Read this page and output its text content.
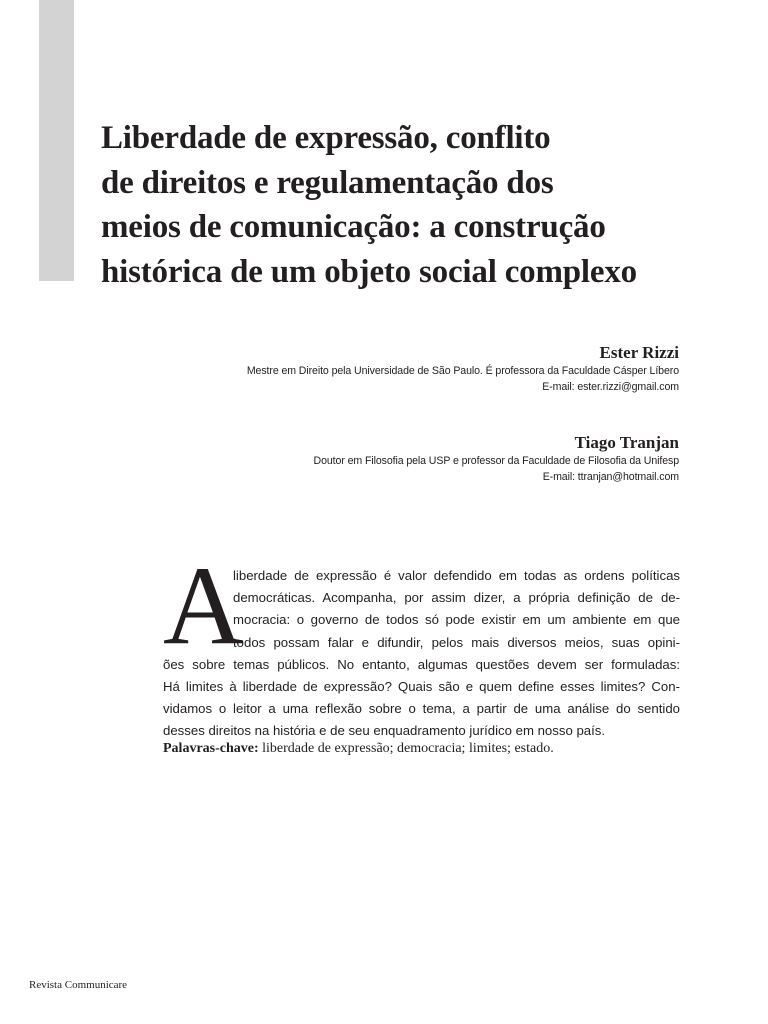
Liberdade de expressão, conflito
de direitos e regulamentação dos
meios de comunicação: a construção
histórica de um objeto social complexo
Ester Rizzi
Mestre em Direito pela Universidade de São Paulo. É professora da Faculdade Cásper Líbero
E-mail: ester.rizzi@gmail.com
Tiago Tranjan
Doutor em Filosofia pela USP e professor da Faculdade de Filosofia da Unifesp
E-mail: ttranjan@hotmail.com
A
liberdade de expressão é valor defendido em todas as ordens políticas
democráticas. Acompanha, por assim dizer, a própria definição de de-
mocracia: o governo de todos só pode existir em um ambiente em que
todos possam falar e difundir, pelos mais diversos meios, suas opini-
ões sobre temas públicos. No entanto, algumas questões devem ser formuladas:
Há limites à liberdade de expressão? Quais são e quem define esses limites? Con-
vidamos o leitor a uma reflexão sobre o tema, a partir de uma análise do sentido
desses direitos na história e de seu enquadramento jurídico em nosso país.
Palavras-chave: liberdade de expressão; democracia; limites; estado.
Revista Communicare
